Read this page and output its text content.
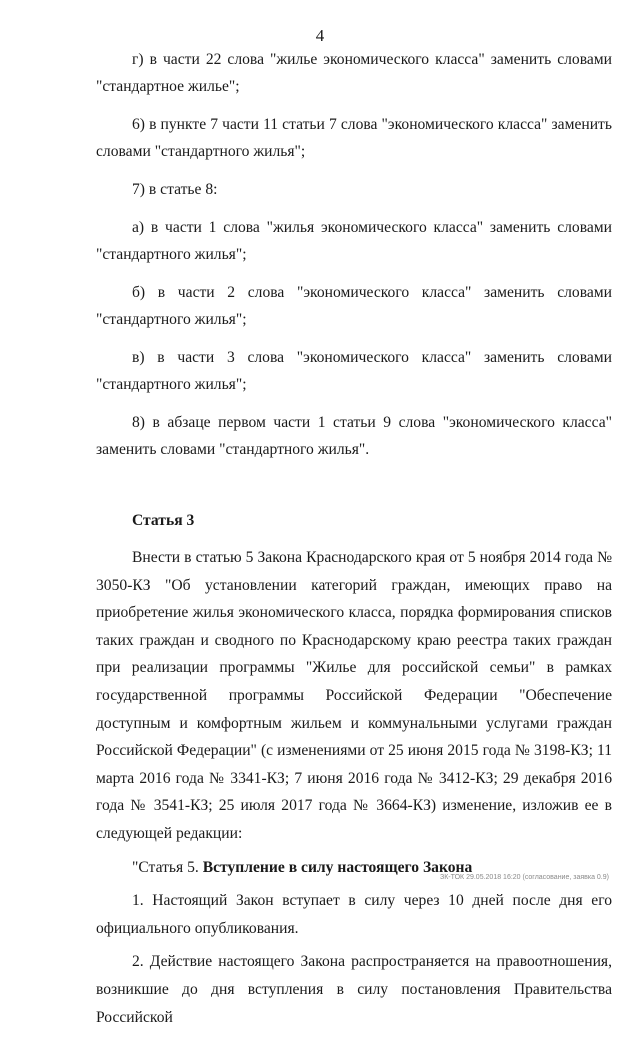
4

г) в части 22 слова "жилье экономического класса" заменить словами "стандартное жилье";

6) в пункте 7 части 11 статьи 7 слова "экономического класса" заменить словами "стандартного жилья";

7) в статье 8:

а) в части 1 слова "жилья экономического класса" заменить словами "стандартного жилья";

б) в части 2 слова "экономического класса" заменить словами "стандартного жилья";

в) в части 3 слова "экономического класса" заменить словами "стандартного жилья";

8) в абзаце первом части 1 статьи 9 слова "экономического класса" заменить словами "стандартного жилья".

Статья 3

Внести в статью 5 Закона Краснодарского края от 5 ноября 2014 года № 3050-КЗ "Об установлении категорий граждан, имеющих право на приобретение жилья экономического класса, порядка формирования списков таких граждан и сводного по Краснодарскому краю реестра таких граждан при реализации программы "Жилье для российской семьи" в рамках государственной программы Российской Федерации "Обеспечение доступным и комфортным жильем и коммунальными услугами граждан Российской Федерации" (с изменениями от 25 июня 2015 года № 3198-КЗ; 11 марта 2016 года № 3341-КЗ; 7 июня 2016 года № 3412-КЗ; 29 декабря 2016 года № 3541-КЗ; 25 июля 2017 года № 3664-КЗ) изменение, изложив ее в следующей редакции:

"Статья 5. Вступление в силу настоящего Закона

1. Настоящий Закон вступает в силу через 10 дней после дня его официального опубликования.

2. Действие настоящего Закона распространяется на правоотношения, возникшие до дня вступления в силу постановления Правительства Российской

ЗК-ТОК 29.05.2018 16:20 (согласование, заявка 0.9)
